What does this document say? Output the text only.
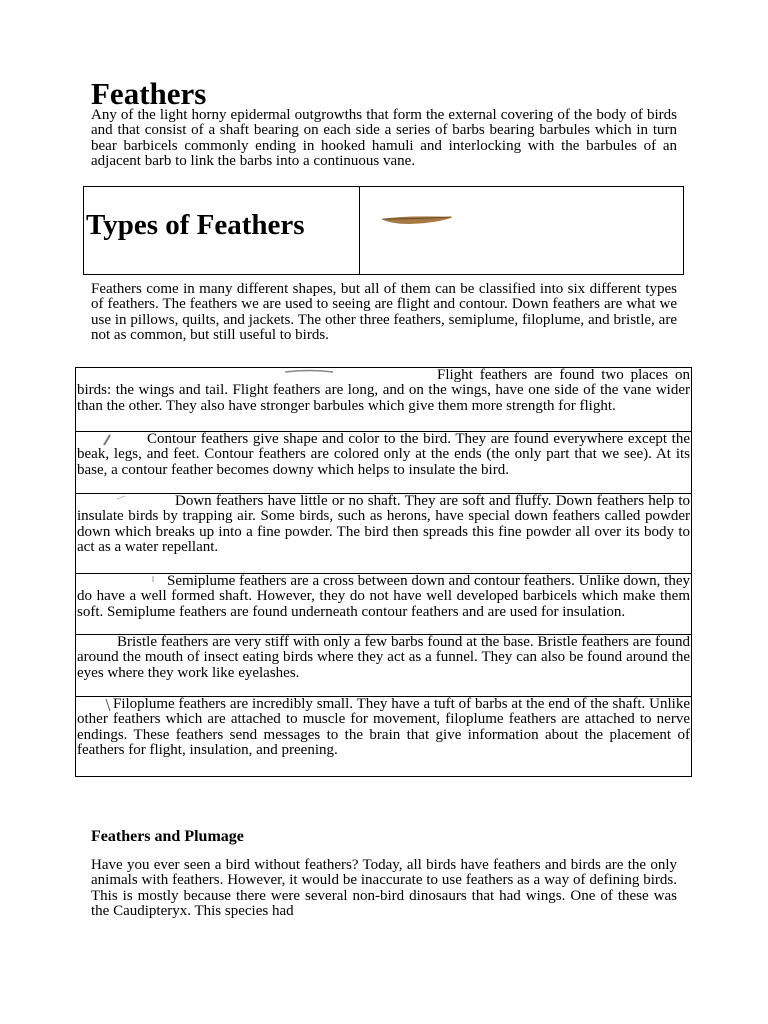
Feathers

Any of the light horny epidermal outgrowths that form the external covering of the body of birds and that consist of a shaft bearing on each side a series of barbs bearing barbules which in turn bear barbicels commonly ending in hooked hamuli and interlocking with the barbules of an adjacent barb to link the barbs into a continuous vane.

Types of Feathers

Feathers come in many different shapes, but all of them can be classified into six different types of feathers. The feathers we are used to seeing are flight and contour. Down feathers are what we use in pillows, quilts, and jackets. The other three feathers, semiplume, filoplume, and bristle, are not as common, but still useful to birds.

Flight feathers are found two places on birds: the wings and tail. Flight feathers are long, and on the wings, have one side of the vane wider than the other. They also have stronger barbules which give them more strength for flight.
Contour feathers give shape and color to the bird. They are found everywhere except the beak, legs, and feet. Contour feathers are colored only at the ends (the only part that we see). At its base, a contour feather becomes downy which helps to insulate the bird.
Down feathers have little or no shaft. They are soft and fluffy. Down feathers help to insulate birds by trapping air. Some birds, such as herons, have special down feathers called powder down which breaks up into a fine powder. The bird then spreads this fine powder all over its body to act as a water repellant.
Semiplume feathers are a cross between down and contour feathers. Unlike down, they do have a well formed shaft. However, they do not have well developed barbicels which make them soft. Semiplume feathers are found underneath contour feathers and are used for insulation.
Bristle feathers are very stiff with only a few barbs found at the base. Bristle feathers are found around the mouth of insect eating birds where they act as a funnel. They can also be found around the eyes where they work like eyelashes.
Filoplume feathers are incredibly small. They have a tuft of barbs at the end of the shaft. Unlike other feathers which are attached to muscle for movement, filoplume feathers are attached to nerve endings. These feathers send messages to the brain that give information about the placement of feathers for flight, insulation, and preening.
Feathers and Plumage

Have you ever seen a bird without feathers? Today, all birds have feathers and birds are the only animals with feathers. However, it would be inaccurate to use feathers as a way of defining birds. This is mostly because there were several non-bird dinosaurs that had wings. One of these was the Caudipteryx. This species had
